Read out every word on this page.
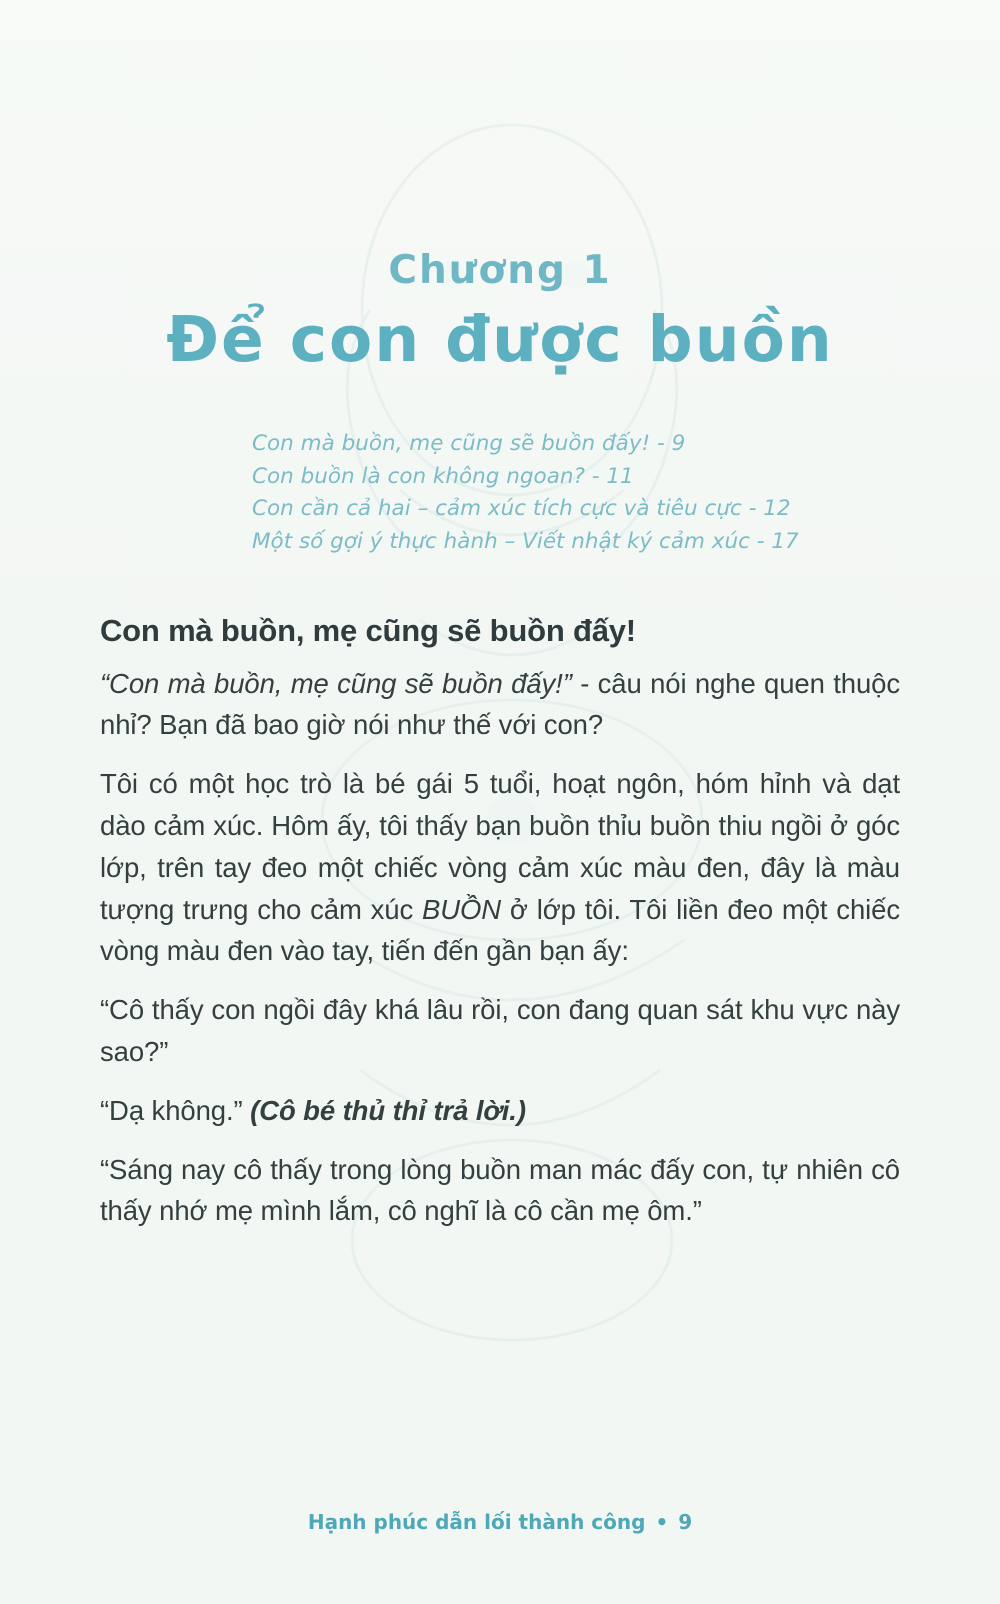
Chương 1
Để con được buồn
Con mà buồn, mẹ cũng sẽ buồn đấy! - 9
Con buồn là con không ngoan? - 11
Con cần cả hai – cảm xúc tích cực và tiêu cực - 12
Một số gợi ý thực hành – Viết nhật ký cảm xúc - 17
Con mà buồn, mẹ cũng sẽ buồn đấy!

“Con mà buồn, mẹ cũng sẽ buồn đấy!” - câu nói nghe quen thuộc nhỉ? Bạn đã bao giờ nói như thế với con?

Tôi có một học trò là bé gái 5 tuổi, hoạt ngôn, hóm hỉnh và dạt dào cảm xúc. Hôm ấy, tôi thấy bạn buồn thỉu buồn thiu ngồi ở góc lớp, trên tay đeo một chiếc vòng cảm xúc màu đen, đây là màu tượng trưng cho cảm xúc BUỒN ở lớp tôi. Tôi liền đeo một chiếc vòng màu đen vào tay, tiến đến gần bạn ấy:

“Cô thấy con ngồi đây khá lâu rồi, con đang quan sát khu vực này sao?”

“Dạ không.” (Cô bé thủ thỉ trả lời.)

“Sáng nay cô thấy trong lòng buồn man mác đấy con, tự nhiên cô thấy nhớ mẹ mình lắm, cô nghĩ là cô cần mẹ ôm.”

Hạnh phúc dẫn lối thành công • 9
